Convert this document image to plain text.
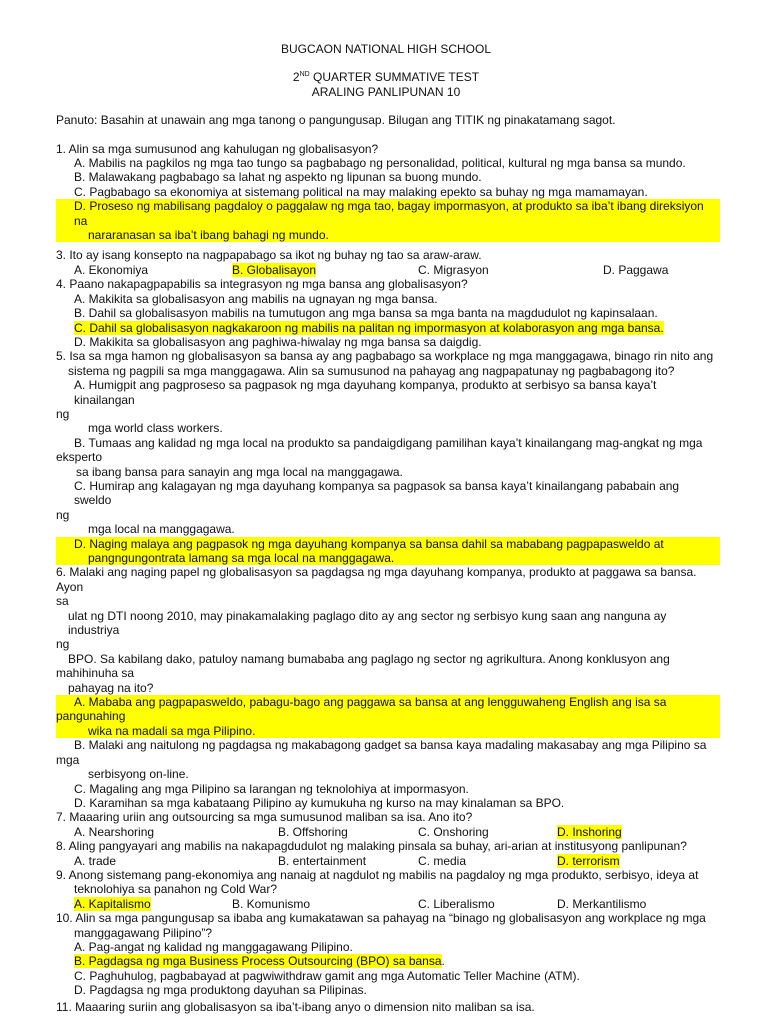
BUGCAON NATIONAL HIGH SCHOOL
2ND QUARTER SUMMATIVE TEST
ARALING PANLIPUNAN 10
Panuto: Basahin at unawain ang mga tanong o pangungusap. Bilugan ang TITIK ng pinakatamang sagot.
1. Alin sa mga sumusunod ang kahulugan ng globalisasyon?
A. Mabilis na pagkilos ng mga tao tungo sa pagbabago ng personalidad, political, kultural ng mga bansa sa mundo.
B. Malawakang pagbabago sa lahat ng aspekto ng lipunan sa buong mundo.
C. Pagbabago sa ekonomiya at sistemang political na may malaking epekto sa buhay ng mga mamamayan.
D. Proseso ng mabilisang pagdaloy o paggalaw ng mga tao, bagay impormasyon, at produkto sa iba’t ibang direksiyon na
nararanasan sa iba’t ibang bahagi ng mundo.
3. Ito ay isang konsepto na nagpapabago sa ikot ng buhay ng tao sa araw-araw.
A. Ekonomiya	B. Globalisayon	C. Migrasyon	D. Paggawa
4. Paano nakapagpapabilis sa integrasyon ng mga bansa ang globalisasyon?
A. Makikita sa globalisasyon ang mabilis na ugnayan ng mga bansa.
B. Dahil sa globalisasyon mabilis na tumutugon ang mga bansa sa mga banta na magdudulot ng kapinsalaan.
C. Dahil sa globalisasyon nagkakaroon ng mabilis na palitan ng impormasyon at kolaborasyon ang mga bansa.
D. Makikita sa globalisasyon ang paghiwa-hiwalay ng mga bansa sa daigdig.
5. Isa sa mga hamon ng globalisasyon sa bansa ay ang pagbabago sa workplace ng mga manggagawa, binago rin nito ang
sistema ng pagpili sa mga manggagawa. Alin sa sumusunod na pahayag ang nagpapatunay ng pagbabagong ito?
A. Humigpit ang pagproseso sa pagpasok ng mga dayuhang kompanya, produkto at serbisyo sa bansa kaya’t kinailangan
ng
mga world class workers.
B. Tumaas ang kalidad ng mga local na produkto sa pandaigdigang pamilihan kaya’t kinailangang mag-angkat ng mga
eksperto
sa ibang bansa para sanayin ang mga local na manggagawa.
C. Humirap ang kalagayan ng mga dayuhang kompanya sa pagpasok sa bansa kaya’t kinailangang pababain ang sweldo
ng
mga local na manggagawa.
D. Naging malaya ang pagpasok ng mga dayuhang kompanya sa bansa dahil sa mababang pagpapasweldo at
pangngungontrata lamang sa mga local na manggagawa.
6. Malaki ang naging papel ng globalisasyon sa pagdagsa ng mga dayuhang kompanya, produkto at paggawa sa bansa. Ayon
sa
ulat ng DTI noong 2010, may pinakamalaking paglago dito ay ang sector ng serbisyo kung saan ang nanguna ay industriya
ng
BPO. Sa kabilang dako, patuloy namang bumababa ang paglago ng sector ng agrikultura. Anong konklusyon ang
mahihinuha sa
pahayag na ito?
A. Mababa ang pagpapasweldo, pabagu-bago ang paggawa sa bansa at ang lengguwaheng English ang isa sa
pangunahing
wika na madali sa mga Pilipino.
B. Malaki ang naitulong ng pagdagsa ng makabagong gadget sa bansa kaya madaling makasabay ang mga Pilipino sa
mga
serbisyong on-line.
C. Magaling ang mga Pilipino sa larangan ng teknolohiya at impormasyon.
D. Karamihan sa mga kabataang Pilipino ay kumukuha ng kurso na may kinalaman sa BPO.
7. Maaaring uriin ang outsourcing sa mga sumusunod maliban sa isa. Ano ito?
A. Nearshoring	B. Offshoring	C. Onshoring	D. Inshoring
8. Aling pangyayari ang mabilis na nakapagdudulot ng malaking pinsala sa buhay, ari-arian at institusyong panlipunan?
A. trade	B. entertainment	C. media	D. terrorism
9. Anong sistemang pang-ekonomiya ang nanaig at nagdulot ng mabilis na pagdaloy ng mga produkto, serbisyo, ideya at
teknolohiya sa panahon ng Cold War?
A. Kapitalismo	B. Komunismo	C. Liberalismo	D. Merkantilismo
10. Alin sa mga pangungusap sa ibaba ang kumakatawan sa pahayag na “binago ng globalisasyon ang workplace ng mga
manggagawang Pilipino”?
A. Pag-angat ng kalidad ng manggagawang Pilipino.
B. Pagdagsa ng mga Business Process Outsourcing (BPO) sa bansa.
C. Paghuhulog, pagbabayad at pagwiwithdraw gamit ang mga Automatic Teller Machine (ATM).
D. Pagdagsa ng mga produktong dayuhan sa Pilipinas.
11. Maaaring suriin ang globalisasyon sa iba’t-ibang anyo o dimension nito maliban sa isa.
